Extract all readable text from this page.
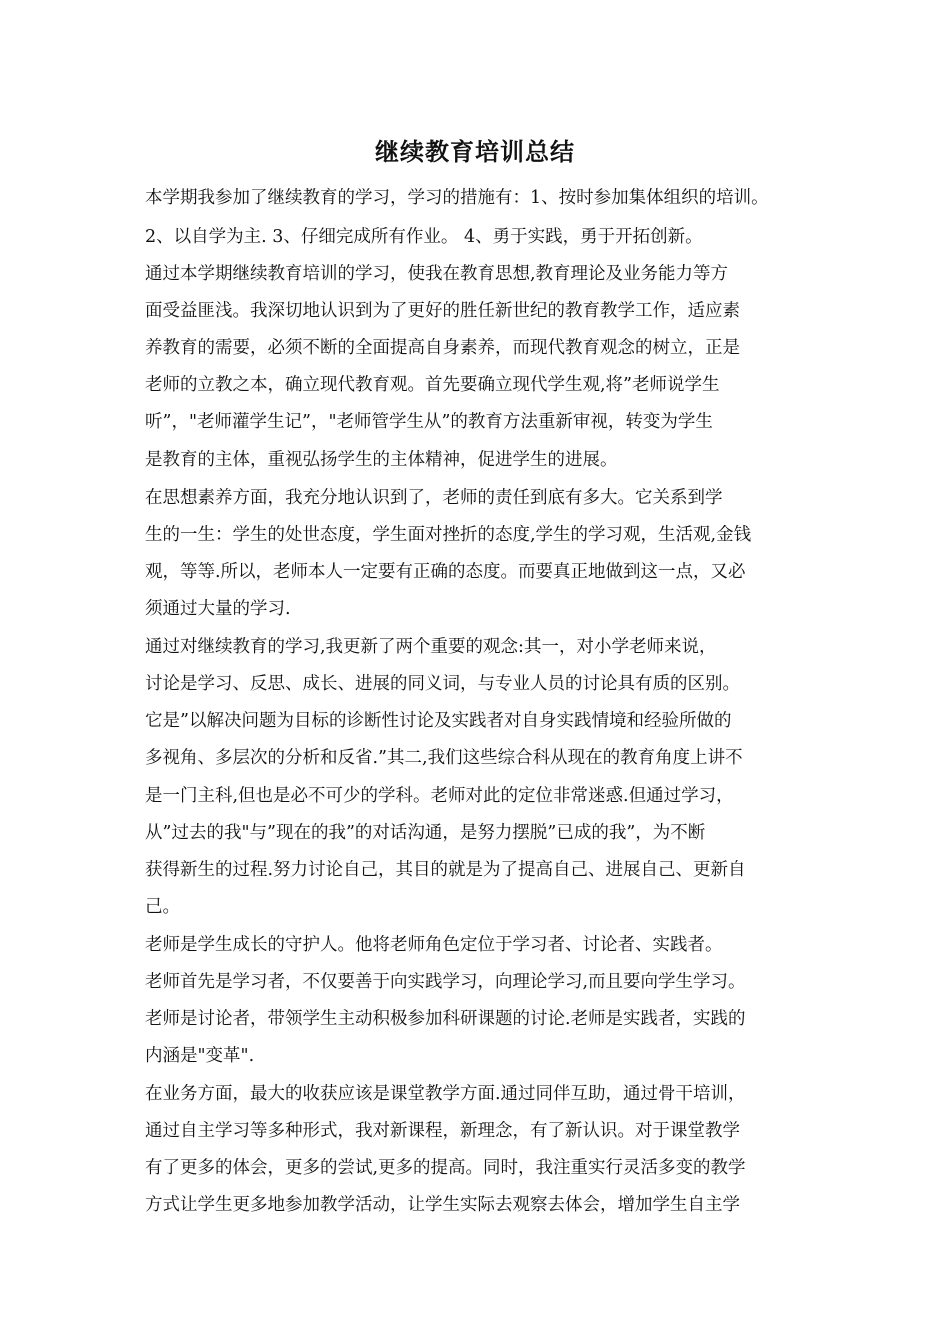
继续教育培训总结

本学期我参加了继续教育的学习，学习的措施有：1、按时参加集体组织的培训。

2、以自学为主. 3、仔细完成所有作业。 4、勇于实践，勇于开拓创新。

通过本学期继续教育培训的学习，使我在教育思想,教育理论及业务能力等方

面受益匪浅。我深切地认识到为了更好的胜任新世纪的教育教学工作，适应素

养教育的需要，必须不断的全面提高自身素养，而现代教育观念的树立，正是

老师的立教之本，确立现代教育观。首先要确立现代学生观,将”老师说学生

听”，"老师灌学生记”，"老师管学生从”的教育方法重新审视，转变为学生

是教育的主体，重视弘扬学生的主体精神，促进学生的进展。

在思想素养方面，我充分地认识到了，老师的责任到底有多大。它关系到学

生的一生：学生的处世态度，学生面对挫折的态度,学生的学习观，生活观,金钱

观，等等.所以，老师本人一定要有正确的态度。而要真正地做到这一点，又必

须通过大量的学习.

通过对继续教育的学习,我更新了两个重要的观念:其一，对小学老师来说，

讨论是学习、反思、成长、进展的同义词，与专业人员的讨论具有质的区别。

它是”以解决问题为目标的诊断性讨论及实践者对自身实践情境和经验所做的

多视角、多层次的分析和反省.”其二,我们这些综合科从现在的教育角度上讲不

是一门主科,但也是必不可少的学科。老师对此的定位非常迷惑.但通过学习，

从”过去的我"与”现在的我”的对话沟通，是努力摆脱”已成的我”，为不断

获得新生的过程.努力讨论自己，其目的就是为了提高自己、进展自己、更新自

己。

老师是学生成长的守护人。他将老师角色定位于学习者、讨论者、实践者。

老师首先是学习者，不仅要善于向实践学习，向理论学习,而且要向学生学习。

老师是讨论者，带领学生主动积极参加科研课题的讨论.老师是实践者，实践的

内涵是"变革".

在业务方面，最大的收获应该是课堂教学方面.通过同伴互助，通过骨干培训，

通过自主学习等多种形式，我对新课程，新理念，有了新认识。对于课堂教学

有了更多的体会，更多的尝试,更多的提高。同时，我注重实行灵活多变的教学

方式让学生更多地参加教学活动，让学生实际去观察去体会，增加学生自主学
